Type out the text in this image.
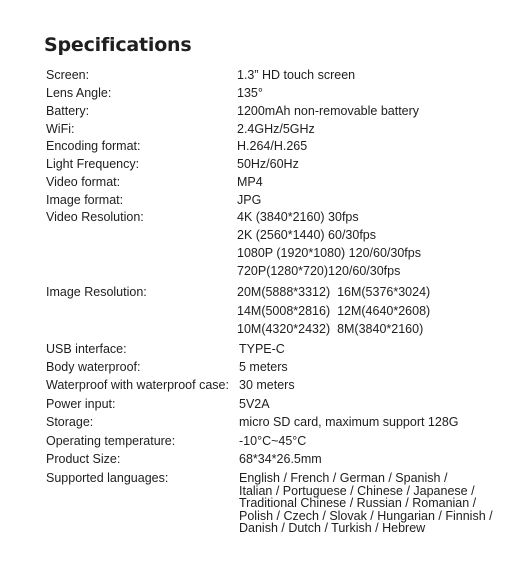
Specifications
Screen:	1.3” HD touch screen
Lens Angle:	135°
Battery:	1200mAh non-removable battery
WiFi:	2.4GHz/5GHz
Encoding format:	H.264/H.265
Light Frequency:	50Hz/60Hz
Video format:	MP4
Image format:	JPG
Video Resolution:	4K (3840*2160) 30fps
2K (2560*1440) 60/30fps
1080P (1920*1080) 120/60/30fps
720P(1280*720)120/60/30fps
Image Resolution:	20M(5888*3312)  16M(5376*3024)
14M(5008*2816)  12M(4640*2608)
10M(4320*2432)  8M(3840*2160)
USB interface:	TYPE-C
Body waterproof:	5 meters
Waterproof with waterproof case: 30 meters
Power input:	5V2A
Storage:	micro SD card, maximum support 128G
Operating temperature:	-10°C~45°C
Product Size:	68*34*26.5mm
Supported languages:	English / French / German / Spanish /
Italian / Portuguese / Chinese / Japanese /
Traditional Chinese / Russian / Romanian /
Polish / Czech / Slovak / Hungarian / Finnish /
Danish / Dutch / Turkish / Hebrew
